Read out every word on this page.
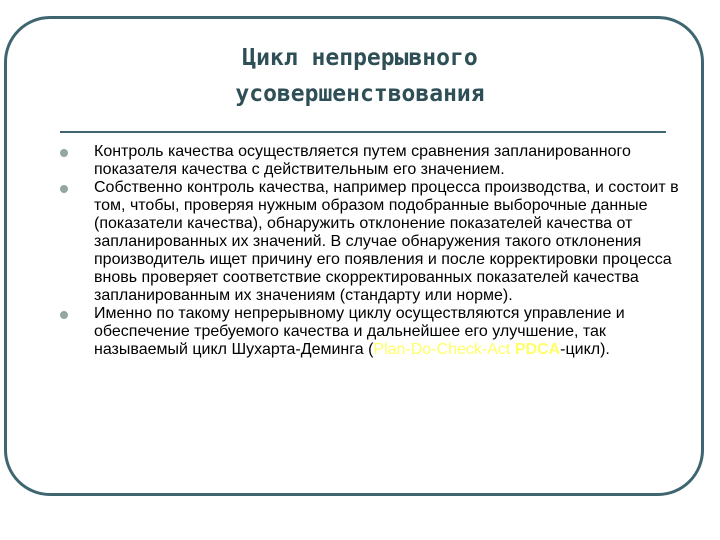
Цикл непрерывного
усовершенствования
Контроль качества осуществляется путем сравнения запланированного показателя качества с действительным его значением.
Собственно контроль качества, например процесса производства, и состоит в том, чтобы, проверяя нужным образом подобранные выборочные данные (показатели качества), обнаружить отклонение показателей качества от запланированных их значений. В случае обнаружения такого отклонения производитель ищет причину его появления и после корректировки процесса вновь проверяет соответствие скорректированных показателей качества запланированным их значениям (стандарту или норме).
Именно по такому непрерывному циклу осуществляются управление и обеспечение требуемого качества и дальнейшее его улучшение, так называемый цикл Шухарта-Деминга (Plan-Do-Check-Act PDCA-цикл).
